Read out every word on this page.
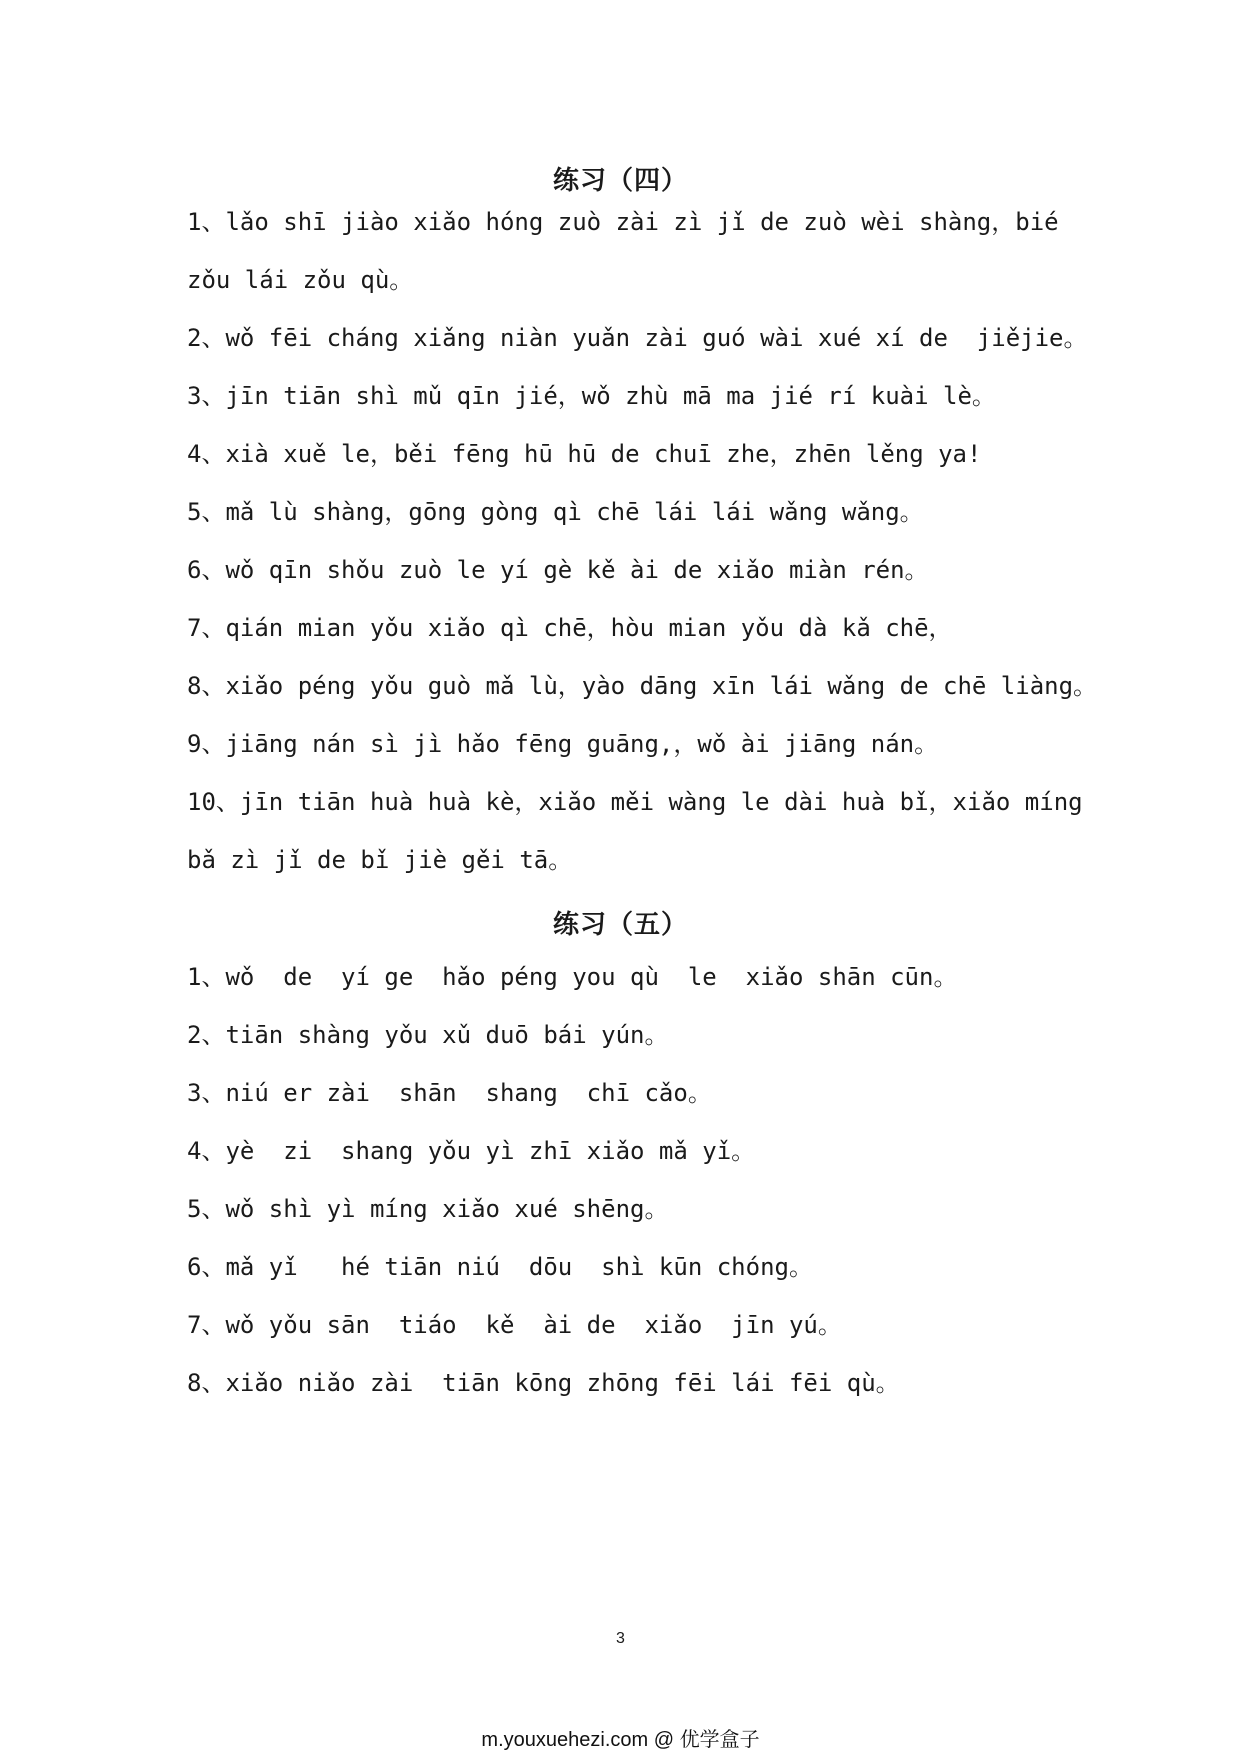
练习（四）
1、lǎo shī jiào xiǎo hóng zuò zài zì jǐ de zuò wèi shàng，bié
zǒu lái zǒu qù。
2、wǒ fēi cháng xiǎng niàn yuǎn zài guó wài xué xí de  jiějie。
3、jīn tiān shì mǔ qīn jié，wǒ zhù mā ma jié rí kuài lè。
4、xià xuě le，běi fēng hū hū de chuī zhe，zhēn lěng ya!
5、mǎ lù shàng，gōng gòng qì chē lái lái wǎng wǎng。
6、wǒ qīn shǒu zuò le yí gè kě ài de xiǎo miàn rén。
7、qián mian yǒu xiǎo qì chē，hòu mian yǒu dà kǎ chē，
8、xiǎo péng yǒu guò mǎ lù，yào dāng xīn lái wǎng de chē liàng。
9、jiāng nán sì jì hǎo fēng guāng,，wǒ ài jiāng nán。
10、jīn tiān huà huà kè，xiǎo měi wàng le dài huà bǐ，xiǎo míng
bǎ zì jǐ de bǐ jiè gěi tā。
练习（五）
1、wǒ  de  yí ge  hǎo péng you qù  le  xiǎo shān cūn。
2、tiān shàng yǒu xǔ duō bái yún。
3、niú er zài  shān  shang  chī cǎo。
4、yè  zi  shang yǒu yì zhī xiǎo mǎ yǐ。
5、wǒ shì yì míng xiǎo xué shēng。
6、mǎ yǐ   hé tiān niú  dōu  shì kūn chóng。
7、wǒ yǒu sān  tiáo  kě  ài de  xiǎo  jīn yú。
8、xiǎo niǎo zài  tiān kōng zhōng fēi lái fēi qù。
3
m.youxuehezi.com @ 优学盒子
